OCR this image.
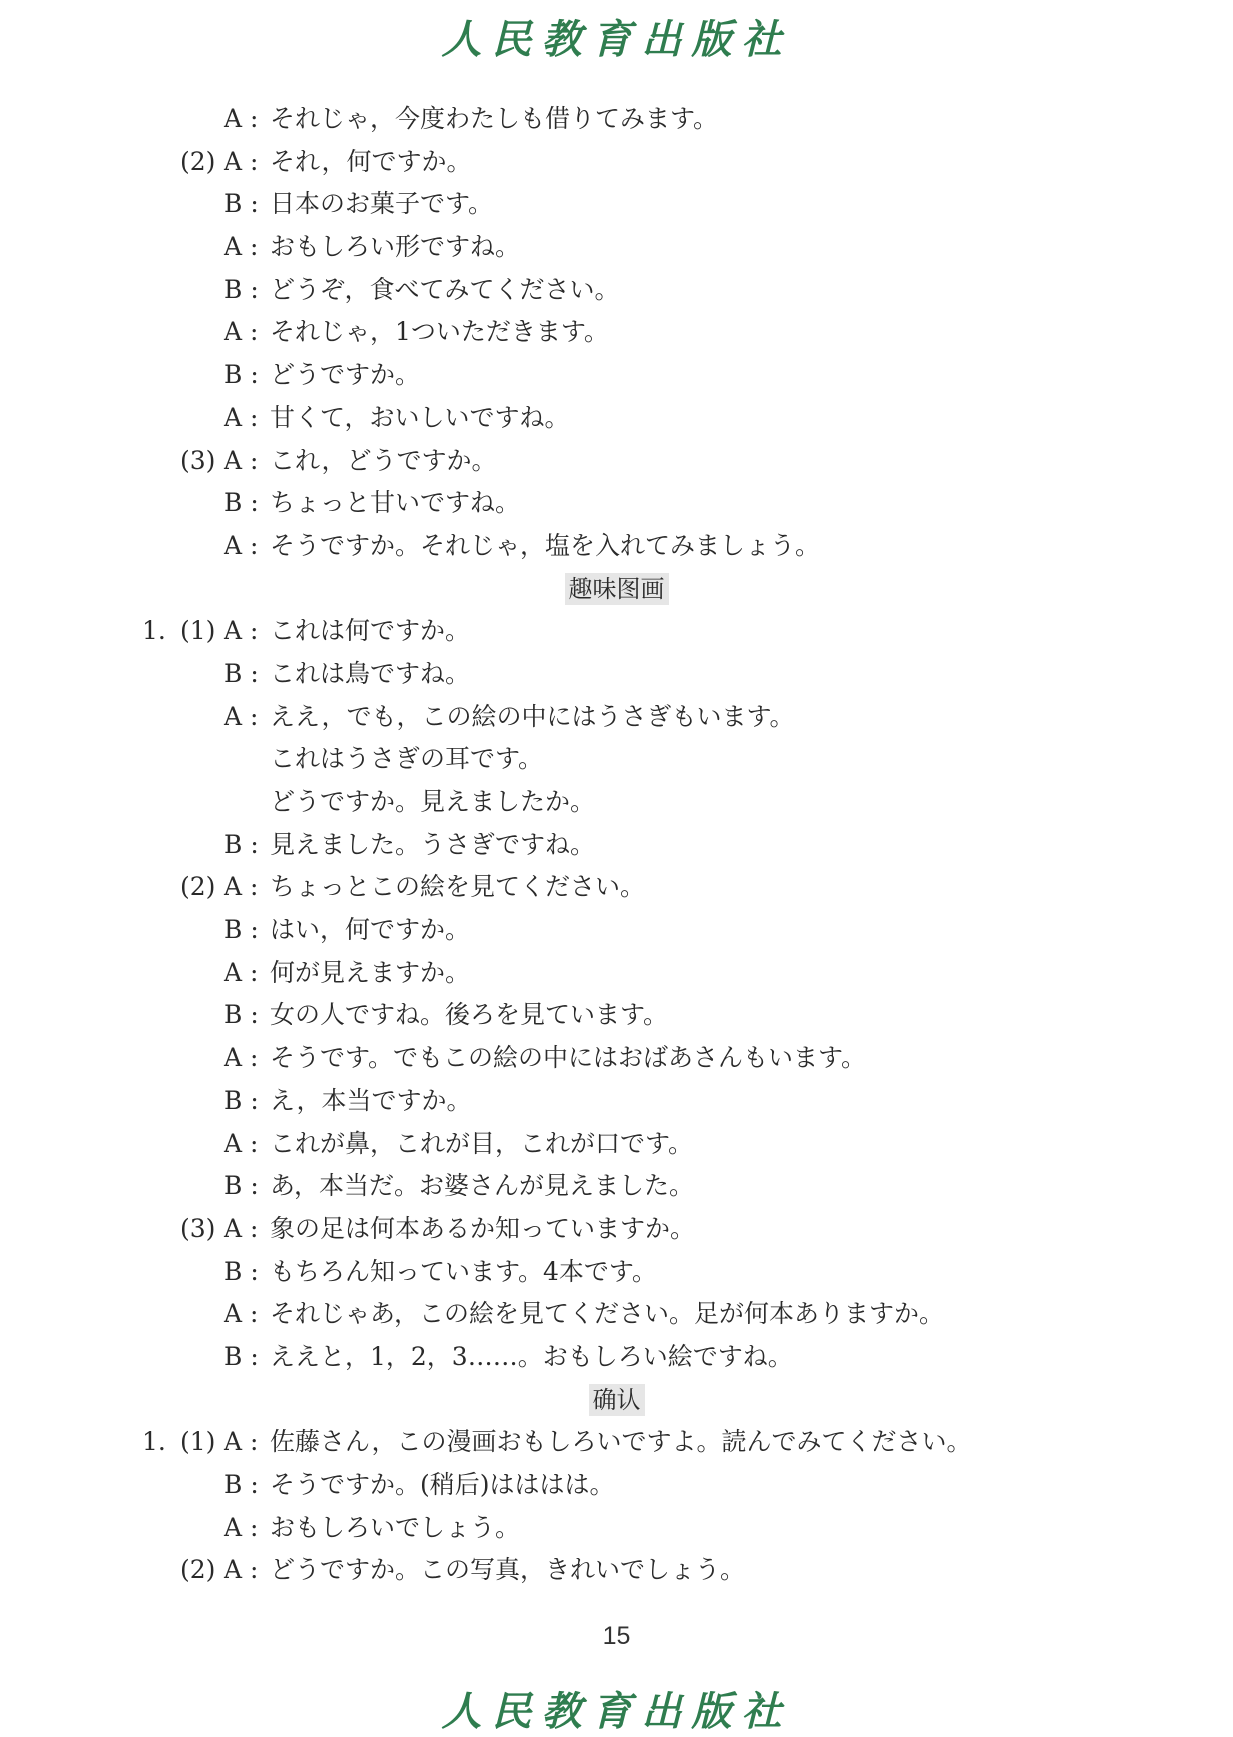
人民教育出版社
A : それじゃ，今度わたしも借りてみます。
(2) A : それ，何ですか。
B : 日本のお菓子です。
A : おもしろい形ですね。
B : どうぞ，食べてみてください。
A : それじゃ，1ついただきます。
B : どうですか。
A : 甘くて，おいしいですね。
(3) A : これ，どうですか。
B : ちょっと甘いですね。
A : そうですか。それじゃ，塩を入れてみましょう。
趣味图画
1. (1) A : これは何ですか。
B : これは鳥ですね。
A : ええ，でも，この絵の中にはうさぎもいます。
これはうさぎの耳です。
どうですか。見えましたか。
B : 見えました。うさぎですね。
(2) A : ちょっとこの絵を見てください。
B : はい，何ですか。
A : 何が見えますか。
B : 女の人ですね。後ろを見ています。
A : そうです。でもこの絵の中にはおばあさんもいます。
B : え，本当ですか。
A : これが鼻，これが目，これが口です。
B : あ，本当だ。お婆さんが見えました。
(3) A : 象の足は何本あるか知っていますか。
B : もちろん知っています。4本です。
A : それじゃあ，この絵を見てください。足が何本ありますか。
B : ええと，1，2，3……。おもしろい絵ですね。
确认
1. (1) A : 佐藤さん，この漫画おもしろいですよ。読んでみてください。
B : そうですか。(稍后)はははは。
A : おもしろいでしょう。
(2) A : どうですか。この写真，きれいでしょう。
15
人民教育出版社
